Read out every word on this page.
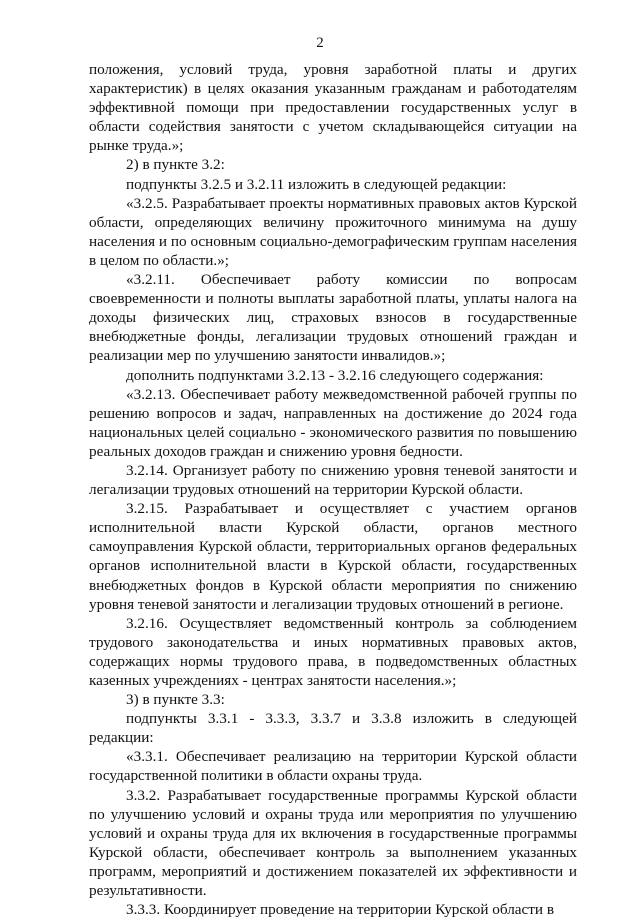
2

положения, условий труда, уровня заработной платы и других характеристик) в целях оказания указанным гражданам и работодателям эффективной помощи при предоставлении государственных услуг в области содействия занятости с учетом складывающейся ситуации на рынке труда.»;

2) в пункте 3.2:

подпункты 3.2.5 и 3.2.11 изложить в следующей редакции:

«3.2.5. Разрабатывает проекты нормативных правовых актов Курской области, определяющих величину прожиточного минимума на душу населения и по основным социально-демографическим группам населения в целом по области.»;

«3.2.11. Обеспечивает работу комиссии по вопросам своевременности и полноты выплаты заработной платы, уплаты налога на доходы физических лиц, страховых взносов в государственные внебюджетные фонды, легализации трудовых отношений граждан и реализации мер по улучшению занятости инвалидов.»;

дополнить подпунктами 3.2.13 - 3.2.16 следующего содержания:

«3.2.13. Обеспечивает работу межведомственной рабочей группы по решению вопросов и задач, направленных на достижение до 2024 года национальных целей социально - экономического развития по повышению реальных доходов граждан и снижению уровня бедности.

3.2.14. Организует работу по снижению уровня теневой занятости и легализации трудовых отношений на территории Курской области.

3.2.15. Разрабатывает и осуществляет с участием органов исполнительной власти Курской области, органов местного самоуправления Курской области, территориальных органов федеральных органов исполнительной власти в Курской области, государственных внебюджетных фондов в Курской области мероприятия по снижению уровня теневой занятости и легализации трудовых отношений в регионе.

3.2.16. Осуществляет ведомственный контроль за соблюдением трудового законодательства и иных нормативных правовых актов, содержащих нормы трудового права, в подведомственных областных казенных учреждениях - центрах занятости населения.»;

3) в пункте 3.3:

подпункты 3.3.1 - 3.3.3, 3.3.7 и 3.3.8 изложить в следующей редакции:

«3.3.1. Обеспечивает реализацию на территории Курской области государственной политики в области охраны труда.

3.3.2. Разрабатывает государственные программы Курской области по улучшению условий и охраны труда или мероприятия по улучшению условий и охраны труда для их включения в государственные программы Курской области, обеспечивает контроль за выполнением указанных программ, мероприятий и достижением показателей их эффективности и результативности.

3.3.3. Координирует проведение на территории Курской области в
